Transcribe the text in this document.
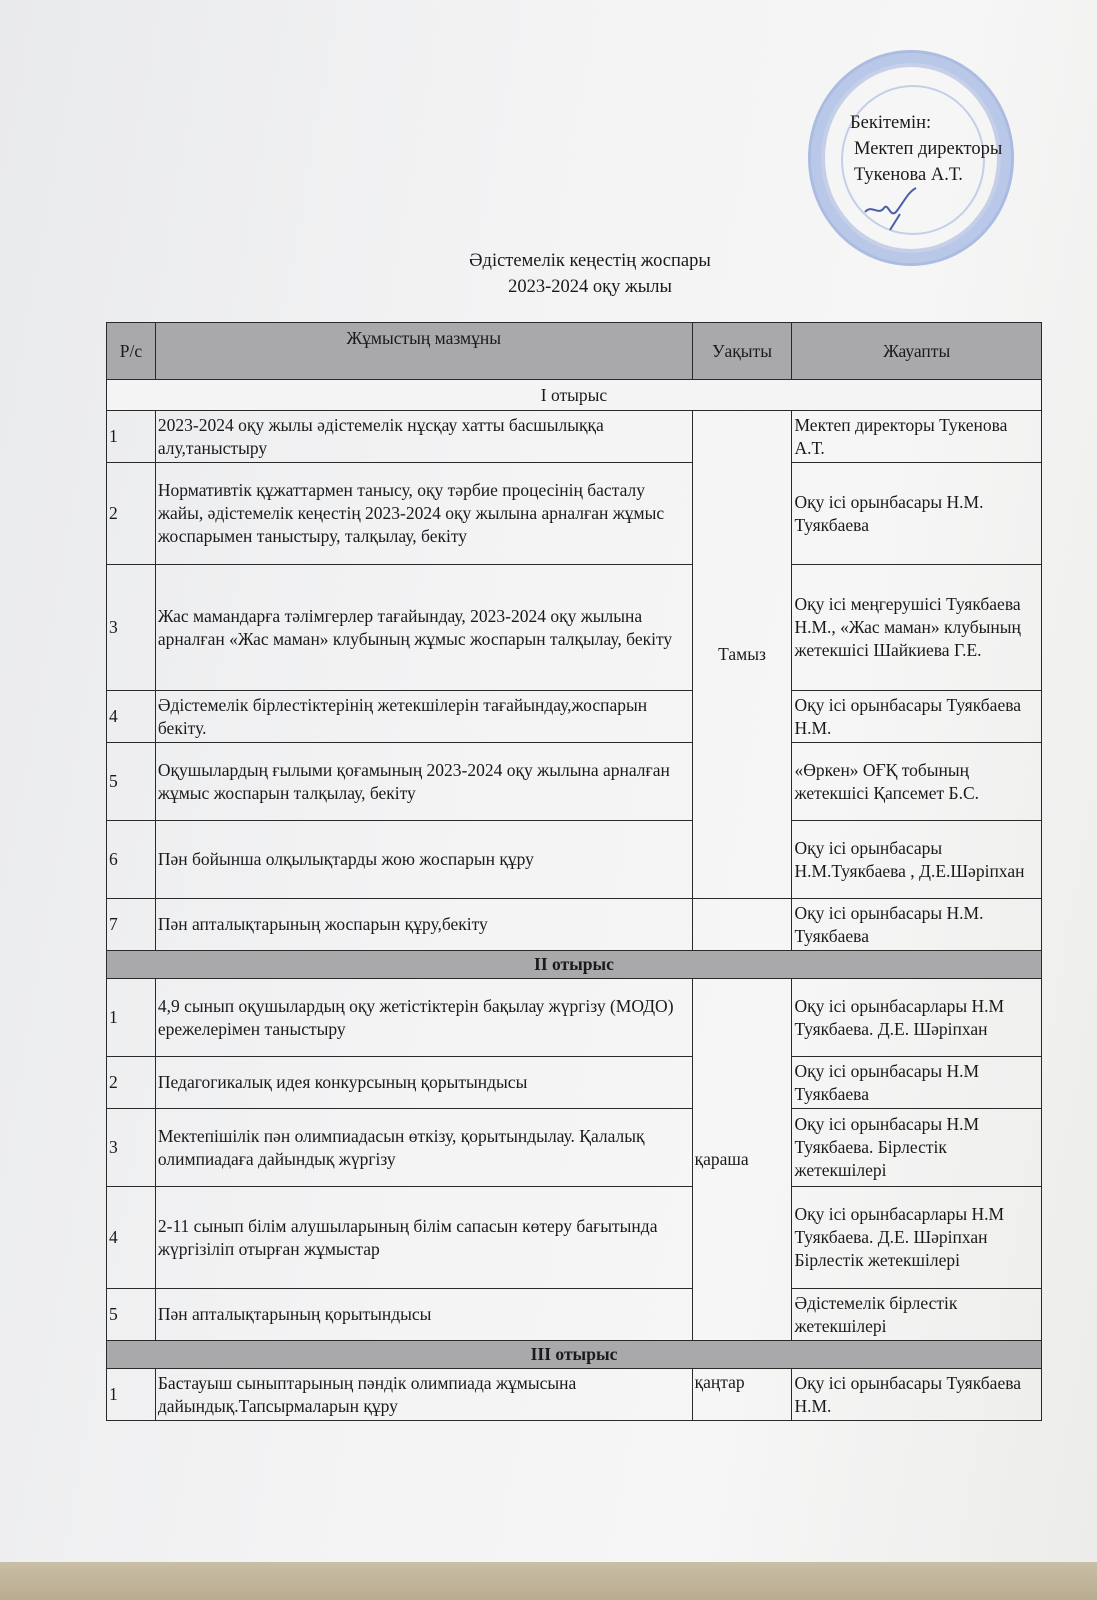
Бекітемін:
Мектеп директоры
Тукенова А.Т.
Әдістемелік кеңестің жоспары
2023-2024 оқу жылы
Р/с	Жұмыстың мазмұны	Уақыты	Жауапты
І отырыс			
1	2023-2024 оқу жылы әдістемелік нұсқау хатты басшылыққа алу,таныстыру	Тамыз	Мектеп директоры Тукенова А.Т.
2	Нормативтік құжаттармен танысу, оқу тәрбие процесінің басталу жайы, әдістемелік кеңестің 2023-2024 оқу жылына арналған жұмыс жоспарымен таныстыру, талқылау, бекіту		Оқу ісі орынбасары Н.М. Туякбаева
3	Жас мамандарға тәлімгерлер тағайындау, 2023-2024 оқу жылына арналған «Жас маман» клубының жұмыс жоспарын талқылау, бекіту		Оқу ісі меңгерушісі Туякбаева Н.М., «Жас маман» клубының жетекшісі Шайкиева Г.Е.
4	Әдістемелік бірлестіктерінің жетекшілерін тағайындау,жоспарын бекіту.		Оқу ісі орынбасары Туякбаева Н.М.
5	Оқушылардың ғылыми қоғамының 2023-2024 оқу жылына арналған жұмыс жоспарын талқылау, бекіту		«Өркен» ОҒҚ тобының жетекшісі Қапсемет Б.С.
6	Пән бойынша олқылықтарды жою жоспарын құру		Оқу ісі орынбасары Н.М.Туякбаева , Д.Е.Шәріпхан
7	Пән апталықтарының жоспарын құру,бекіту		Оқу ісі орынбасары Н.М. Туякбаева
ІІ отырыс			
1	4,9 сынып оқушылардың оқу жетістіктерін бақылау жүргізу (МОДО) ережелерімен таныстыру	қараша	Оқу ісі орынбасарлары Н.М Туякбаева. Д.Е. Шәріпхан
2	Педагогикалық идея конкурсының қорытындысы		Оқу ісі орынбасары Н.М Туякбаева
3	Мектепішілік пән олимпиадасын өткізу, қорытындылау. Қалалық олимпиадаға дайындық жүргізу		Оқу ісі орынбасары Н.М Туякбаева. Бірлестік жетекшілері
4	2-11 сынып білім алушыларының білім сапасын көтеру бағытында жүргізіліп отырған жұмыстар		Оқу ісі орынбасарлары Н.М Туякбаева. Д.Е. Шәріпхан Бірлестік жетекшілері
5	Пән апталықтарының қорытындысы		Әдістемелік бірлестік жетекшілері
ІІІ отырыс			
1	Бастауыш сыныптарының пәндік олимпиада жұмысына дайындық.Тапсырмаларын құру	қаңтар	Оқу ісі орынбасары Туякбаева Н.М.
